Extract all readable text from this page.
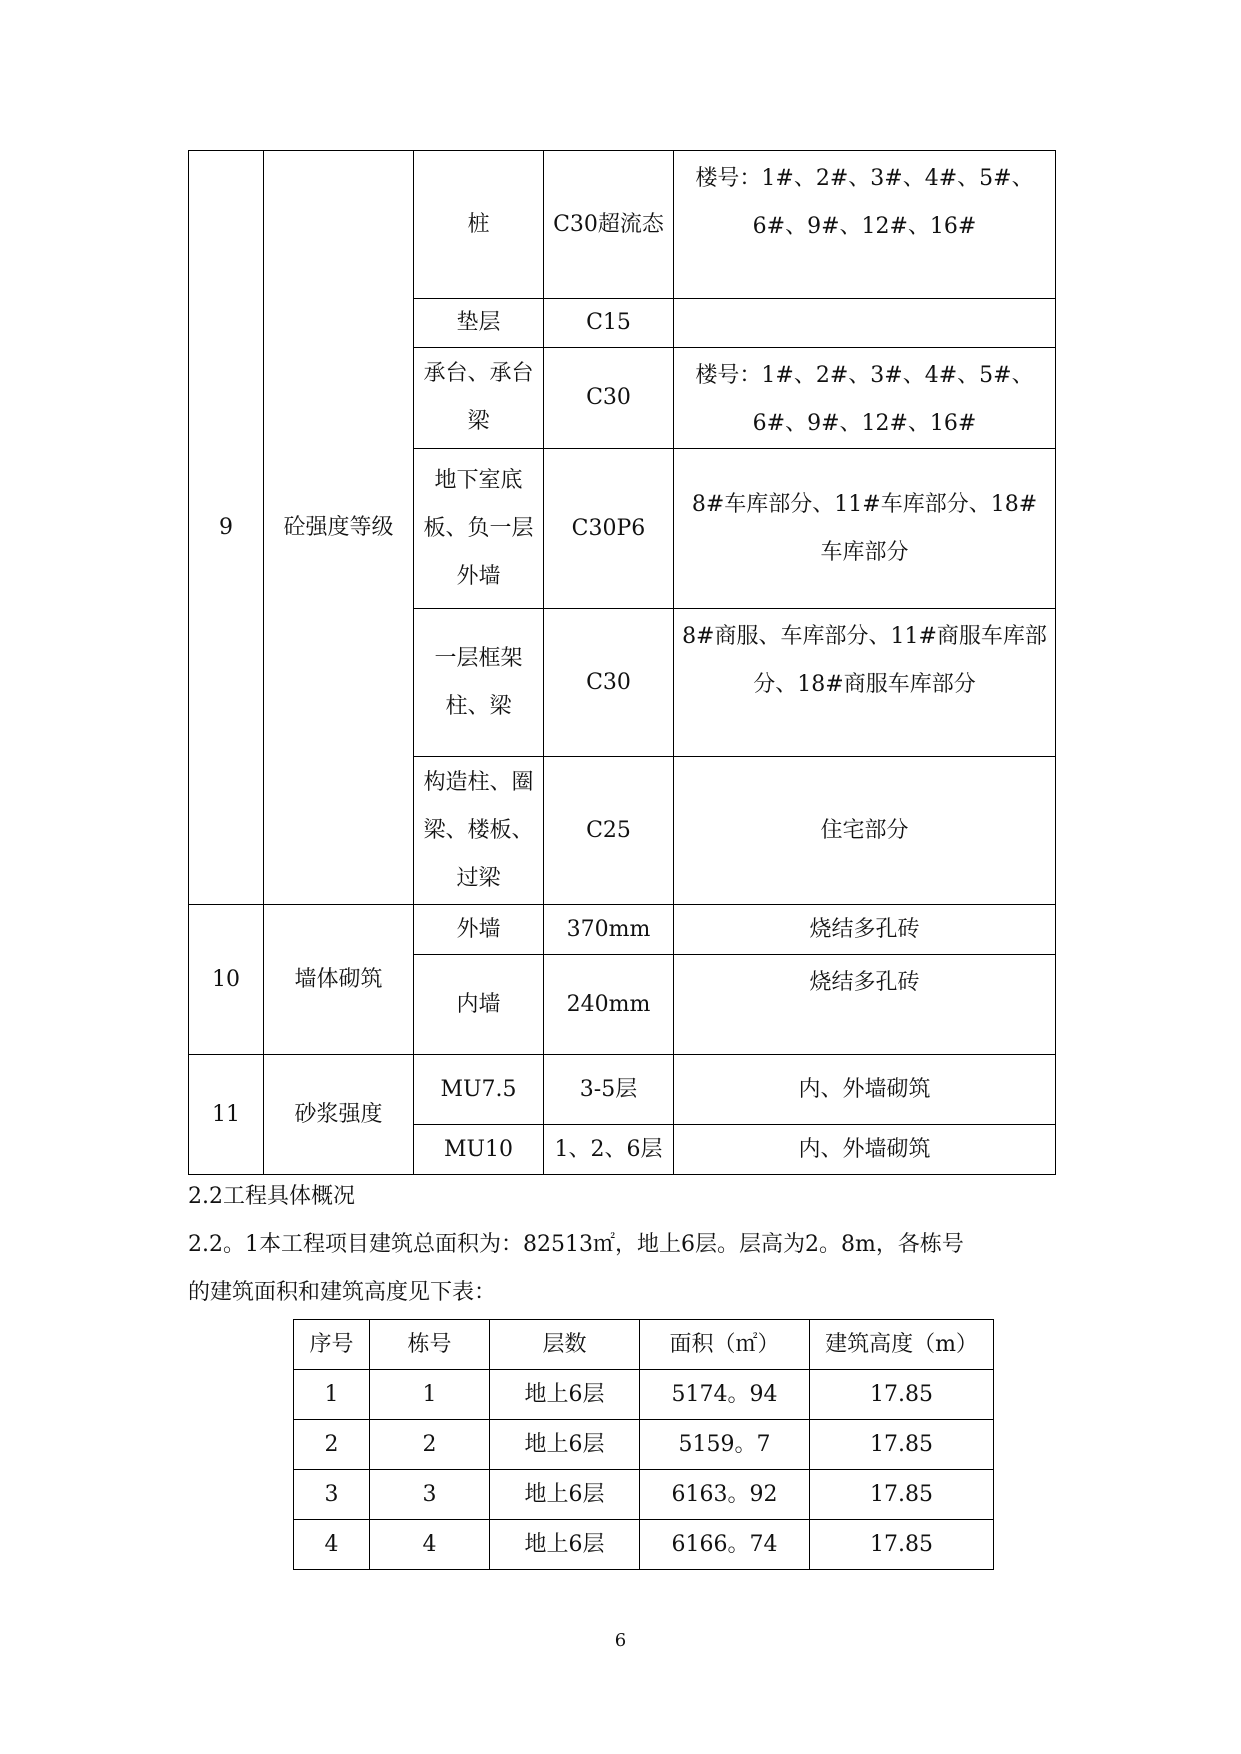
9	砼强度等级	桩	C30超流态	楼号：1#、2#、3#、4#、5#、6#、9#、12#、16#
		垫层	C15	
		承台、承台梁	C30	楼号：1#、2#、3#、4#、5#、6#、9#、12#、16#
		地下室底板、负一层外墙	C30P6	8#车库部分、11#车库部分、18#车库部分
		一层框架柱、梁	C30	8#商服、车库部分、11#商服车库部分、18#商服车库部分
		构造柱、圈梁、楼板、过梁	C25	住宅部分
10	墙体砌筑	外墙	370mm	烧结多孔砖
		内墙	240mm	烧结多孔砖
11	砂浆强度	MU7.5	3-5层	内、外墙砌筑
		MU10	1、2、6层	内、外墙砌筑
2.2工程具体概况
2.2。1本工程项目建筑总面积为：82513㎡，地上6层。层高为2。8m，各栋号
的建筑面积和建筑高度见下表：
序号	栋号	层数	面积（㎡）	建筑高度（m）
1	1	地上6层	5174。94	17.85
2	2	地上6层	5159。7	17.85
3	3	地上6层	6163。92	17.85
4	4	地上6层	6166。74	17.85
6
